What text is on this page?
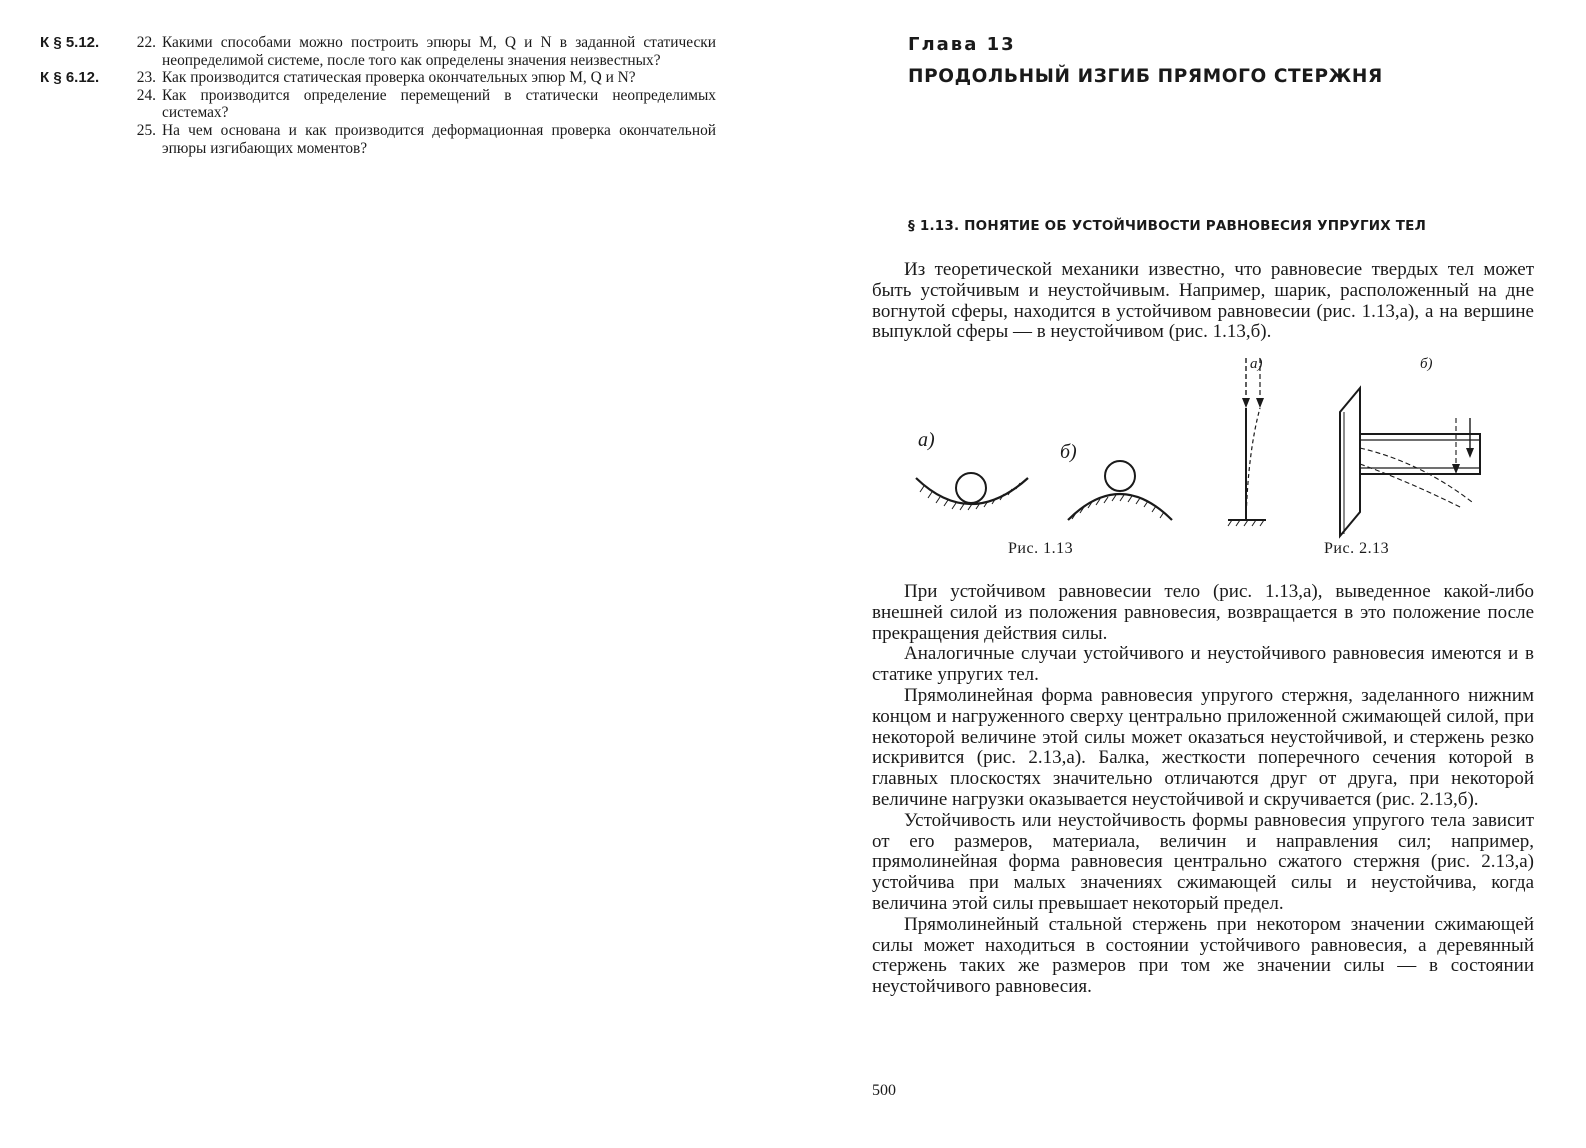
К § 5.12.	22. Какими способами можно построить эпюры M, Q и N в заданной статически неопределимой системе, после того как определены значения неизвестных?
К § 6.12.	23. Как производится статическая проверка окончательных эпюр M, Q и N?
24. Как производится определение перемещений в статически неопределимых системах?
25. На чем основана и как производится деформационная проверка окончательной эпюры изгибающих моментов?
Глава 13
ПРОДОЛЬНЫЙ ИЗГИБ ПРЯМОГО СТЕРЖНЯ
§ 1.13. ПОНЯТИЕ ОБ УСТОЙЧИВОСТИ РАВНОВЕСИЯ УПРУГИХ ТЕЛ

Из теоретической механики известно, что равновесие твердых тел может быть устойчивым и неустойчивым. Например, шарик, расположенный на дне вогнутой сферы, находится в устойчивом равновесии (рис. 1.13,а), а на вершине выпуклой сферы — в неустойчивом (рис. 1.13,б).

а)
б)
а)	б)
Рис. 1.13	Рис. 2.13

При устойчивом равновесии тело (рис. 1.13,а), выведенное какой-либо внешней силой из положения равновесия, возвращается в это положение после прекращения действия силы.

Аналогичные случаи устойчивого и неустойчивого равновесия имеются и в статике упругих тел.

Прямолинейная форма равновесия упругого стержня, заделанного нижним концом и нагруженного сверху центрально приложенной сжимающей силой, при некоторой величине этой силы может оказаться неустойчивой, и стержень резко искривится (рис. 2.13,а). Балка, жесткости поперечного сечения которой в главных плоскостях значительно отличаются друг от друга, при некоторой величине нагрузки оказывается неустойчивой и скручивается (рис. 2.13,б).

Устойчивость или неустойчивость формы равновесия упругого тела зависит от его размеров, материала, величин и направления сил; например, прямолинейная форма равновесия центрально сжатого стержня (рис. 2.13,а) устойчива при малых значениях сжимающей силы и неустойчива, когда величина этой силы превышает некоторый предел.

Прямолинейный стальной стержень при некотором значении сжимающей силы может находиться в состоянии устойчивого равновесия, а деревянный стержень таких же размеров при том же значении силы — в состоянии неустойчивого равновесия.

500
